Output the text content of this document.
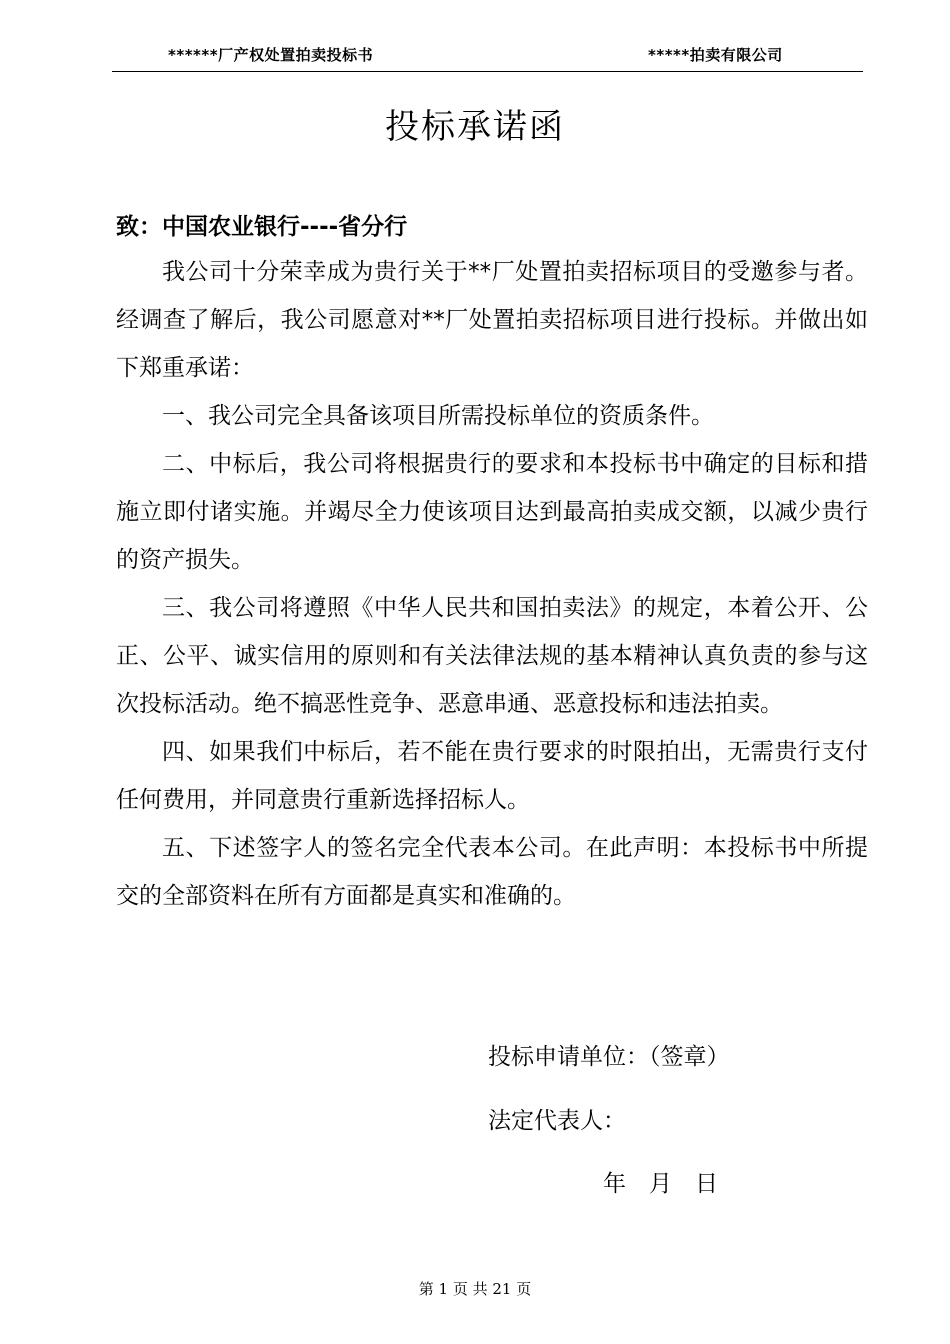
******厂产权处置拍卖投标书	*****拍卖有限公司
投标承诺函

致：中国农业银行----省分行

我公司十分荣幸成为贵行关于**厂处置拍卖招标项目的受邀参与者。经调查了解后，我公司愿意对**厂处置拍卖招标项目进行投标。并做出如下郑重承诺：

一、我公司完全具备该项目所需投标单位的资质条件。

二、中标后，我公司将根据贵行的要求和本投标书中确定的目标和措施立即付诸实施。并竭尽全力使该项目达到最高拍卖成交额，以减少贵行的资产损失。

三、我公司将遵照《中华人民共和国拍卖法》的规定，本着公开、公正、公平、诚实信用的原则和有关法律法规的基本精神认真负责的参与这次投标活动。绝不搞恶性竞争、恶意串通、恶意投标和违法拍卖。

四、如果我们中标后，若不能在贵行要求的时限拍出，无需贵行支付任何费用，并同意贵行重新选择招标人。

五、下述签字人的签名完全代表本公司。在此声明：本投标书中所提交的全部资料在所有方面都是真实和准确的。

投标申请单位：（签章）
法定代表人：
年　月　日
第 1 页 共 21 页
